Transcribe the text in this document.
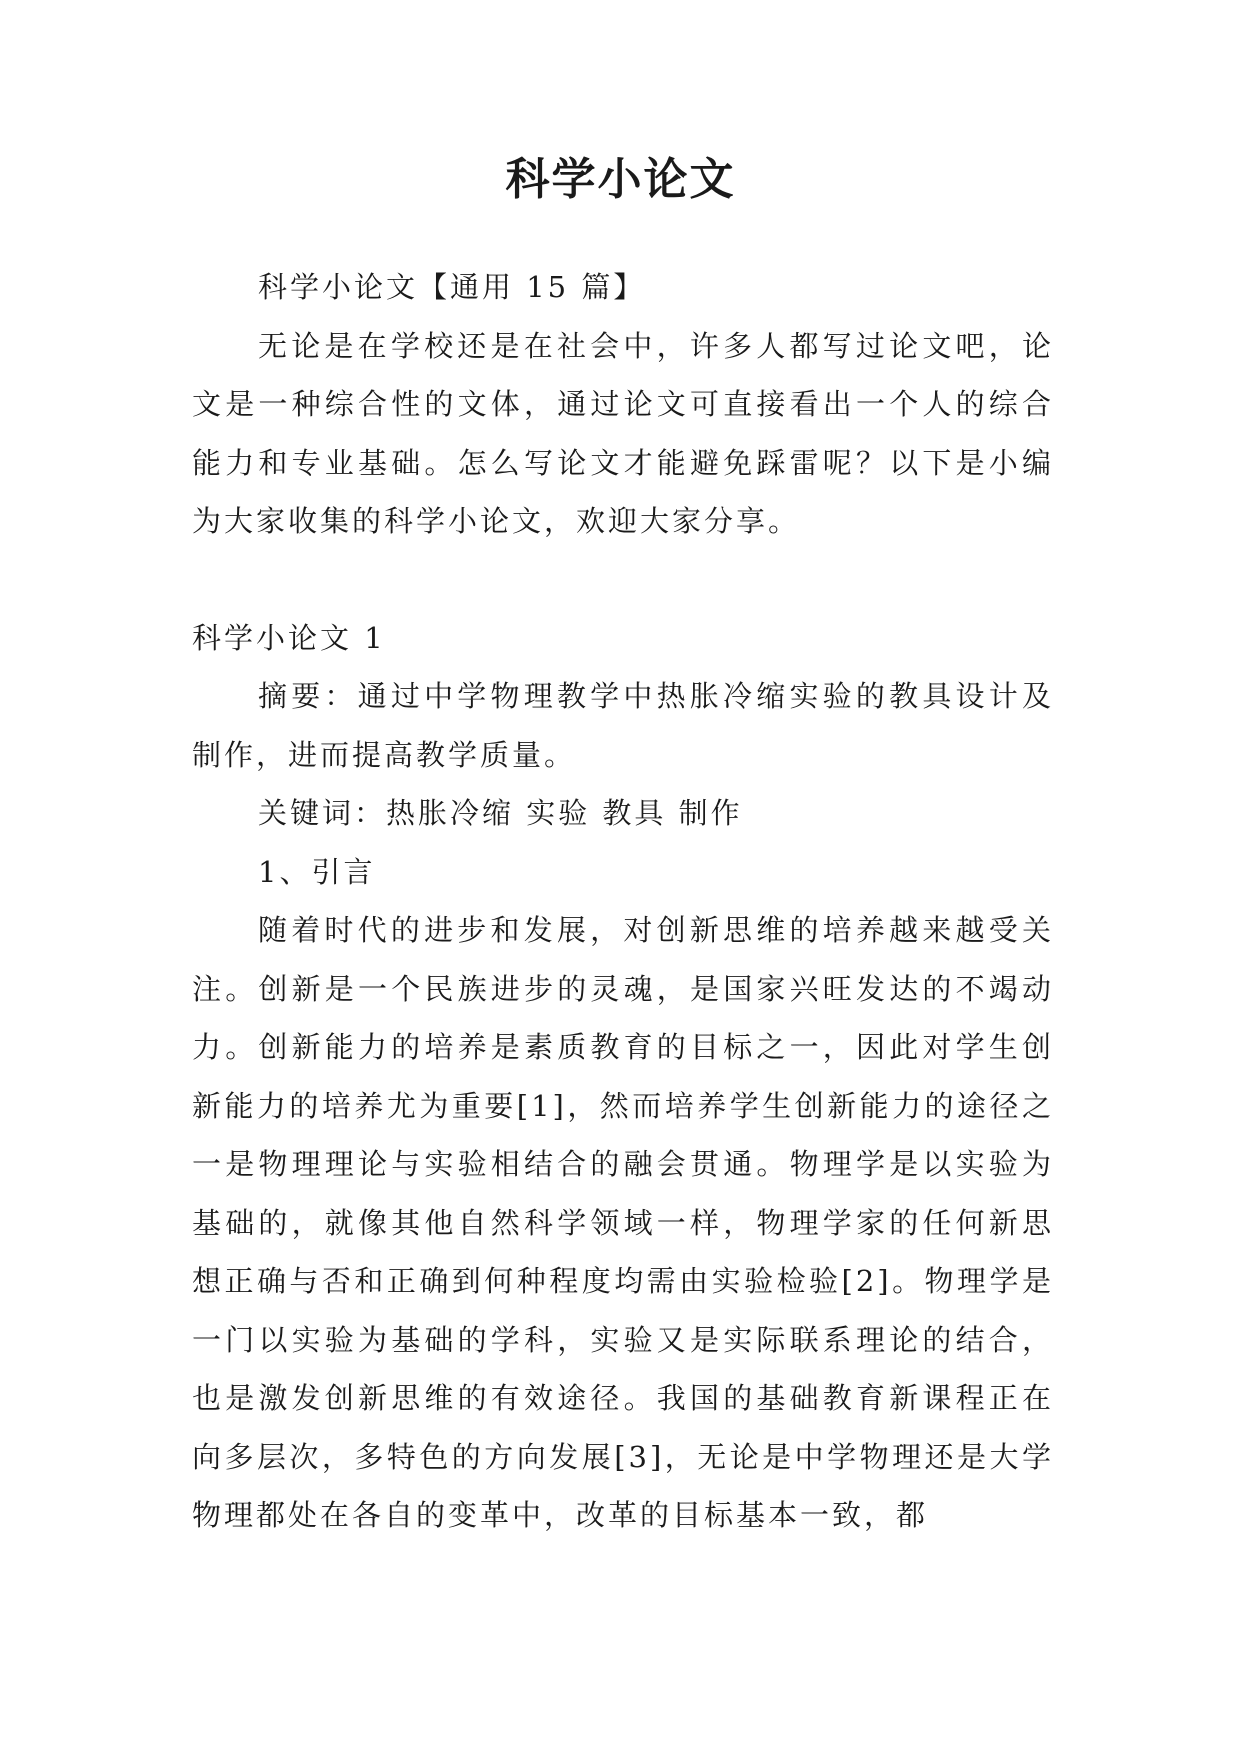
科学小论文

科学小论文【通用 15 篇】

无论是在学校还是在社会中，许多人都写过论文吧，论文是一种综合性的文体，通过论文可直接看出一个人的综合能力和专业基础。怎么写论文才能避免踩雷呢？以下是小编为大家收集的科学小论文，欢迎大家分享。

科学小论文 1

摘要：通过中学物理教学中热胀冷缩实验的教具设计及制作，进而提高教学质量。

关键词：热胀冷缩 实验 教具 制作

1、引言

随着时代的进步和发展，对创新思维的培养越来越受关注。创新是一个民族进步的灵魂，是国家兴旺发达的不竭动力。创新能力的培养是素质教育的目标之一，因此对学生创新能力的培养尤为重要[1]，然而培养学生创新能力的途径之一是物理理论与实验相结合的融会贯通。物理学是以实验为基础的，就像其他自然科学领域一样，物理学家的任何新思想正确与否和正确到何种程度均需由实验检验[2]。物理学是一门以实验为基础的学科，实验又是实际联系理论的结合，也是激发创新思维的有效途径。我国的基础教育新课程正在向多层次，多特色的方向发展[3]，无论是中学物理还是大学物理都处在各自的变革中，改革的目标基本一致，都
